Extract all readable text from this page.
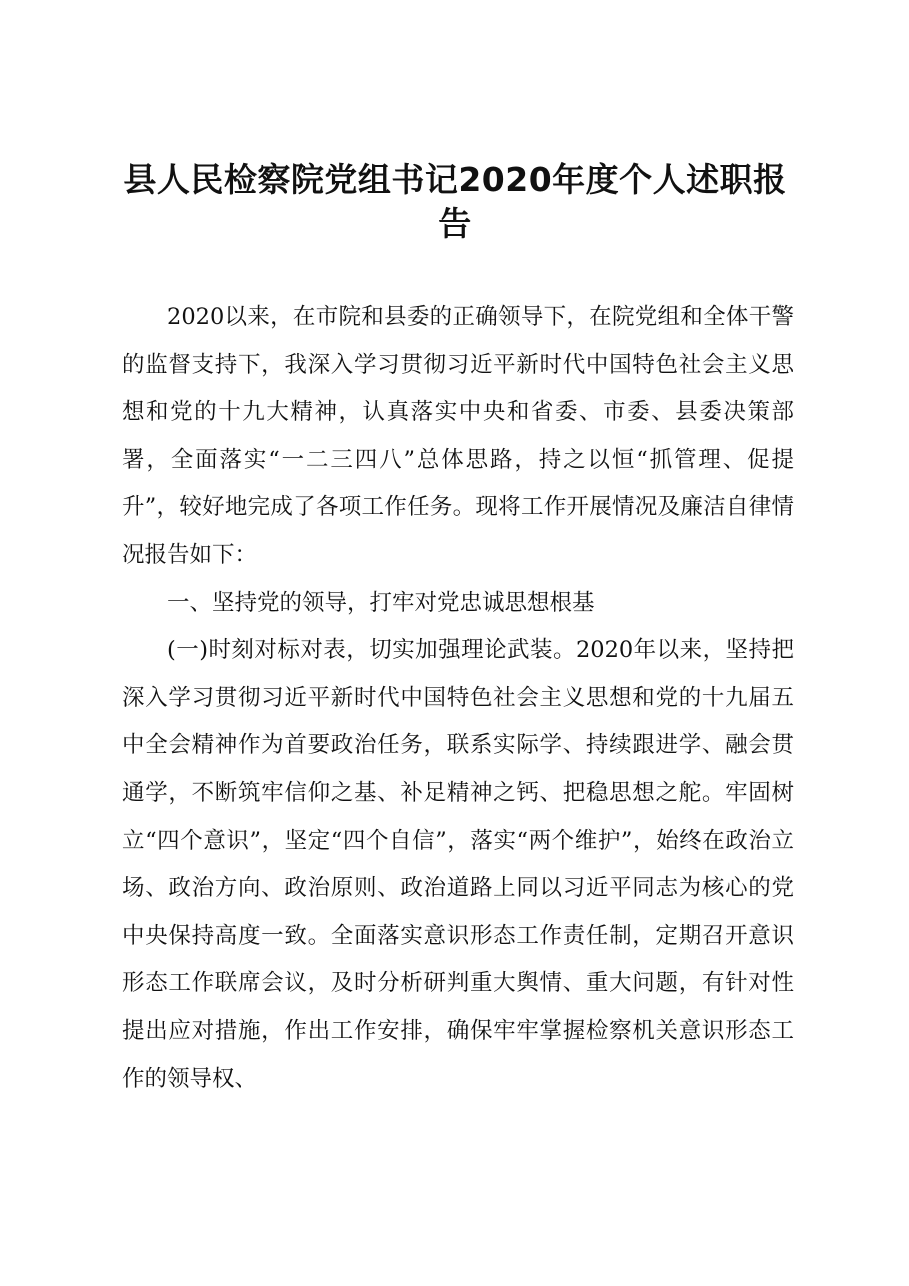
县人民检察院党组书记2020年度个人述职报告

2020以来，在市院和县委的正确领导下，在院党组和全体干警的监督支持下，我深入学习贯彻习近平新时代中国特色社会主义思想和党的十九大精神，认真落实中央和省委、市委、县委决策部署，全面落实“一二三四八”总体思路，持之以恒“抓管理、促提升”，较好地完成了各项工作任务。现将工作开展情况及廉洁自律情况报告如下：

一、坚持党的领导，打牢对党忠诚思想根基

(一)时刻对标对表，切实加强理论武装。2020年以来，坚持把深入学习贯彻习近平新时代中国特色社会主义思想和党的十九届五中全会精神作为首要政治任务，联系实际学、持续跟进学、融会贯通学，不断筑牢信仰之基、补足精神之钙、把稳思想之舵。牢固树立“四个意识”，坚定“四个自信”，落实“两个维护”，始终在政治立场、政治方向、政治原则、政治道路上同以习近平同志为核心的党中央保持高度一致。全面落实意识形态工作责任制，定期召开意识形态工作联席会议，及时分析研判重大舆情、重大问题，有针对性提出应对措施，作出工作安排，确保牢牢掌握检察机关意识形态工作的领导权、
